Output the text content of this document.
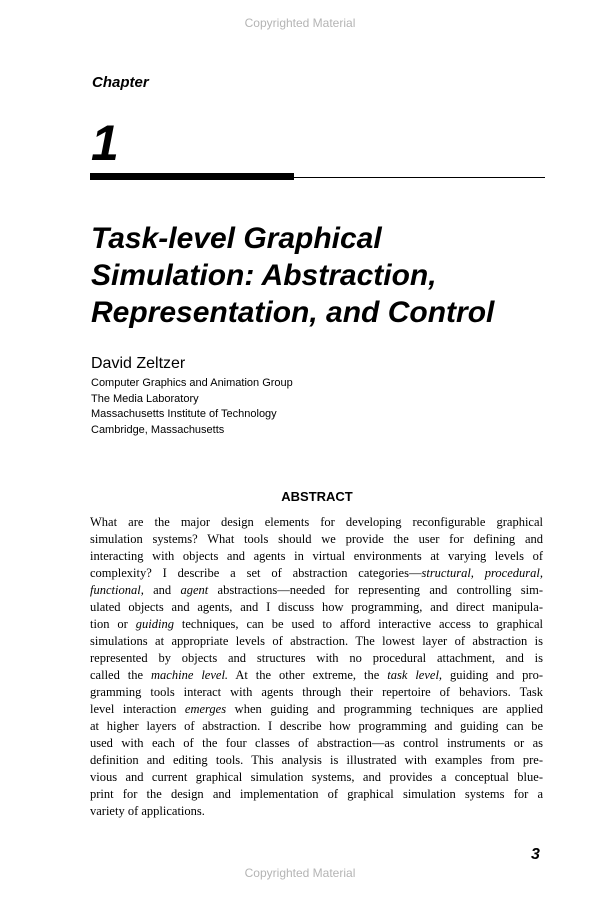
Copyrighted Material
Chapter
1
Task-level Graphical
Simulation: Abstraction,
Representation, and Control
David Zeltzer
Computer Graphics and Animation Group
The Media Laboratory
Massachusetts Institute of Technology
Cambridge, Massachusetts
ABSTRACT
What are the major design elements for developing reconfigurable graphical
simulation systems? What tools should we provide the user for defining and
interacting with objects and agents in virtual environments at varying levels of
complexity? I describe a set of abstraction categories—structural, procedural,
functional, and agent abstractions—needed for representing and controlling sim-
ulated objects and agents, and I discuss how programming, and direct manipula-
tion or guiding techniques, can be used to afford interactive access to graphical
simulations at appropriate levels of abstraction. The lowest layer of abstraction is
represented by objects and structures with no procedural attachment, and is
called the machine level. At the other extreme, the task level, guiding and pro-
gramming tools interact with agents through their repertoire of behaviors. Task
level interaction emerges when guiding and programming techniques are applied
at higher layers of abstraction. I describe how programming and guiding can be
used with each of the four classes of abstraction—as control instruments or as
definition and editing tools. This analysis is illustrated with examples from pre-
vious and current graphical simulation systems, and provides a conceptual blue-
print for the design and implementation of graphical simulation systems for a
variety of applications.
3
Copyrighted Material
